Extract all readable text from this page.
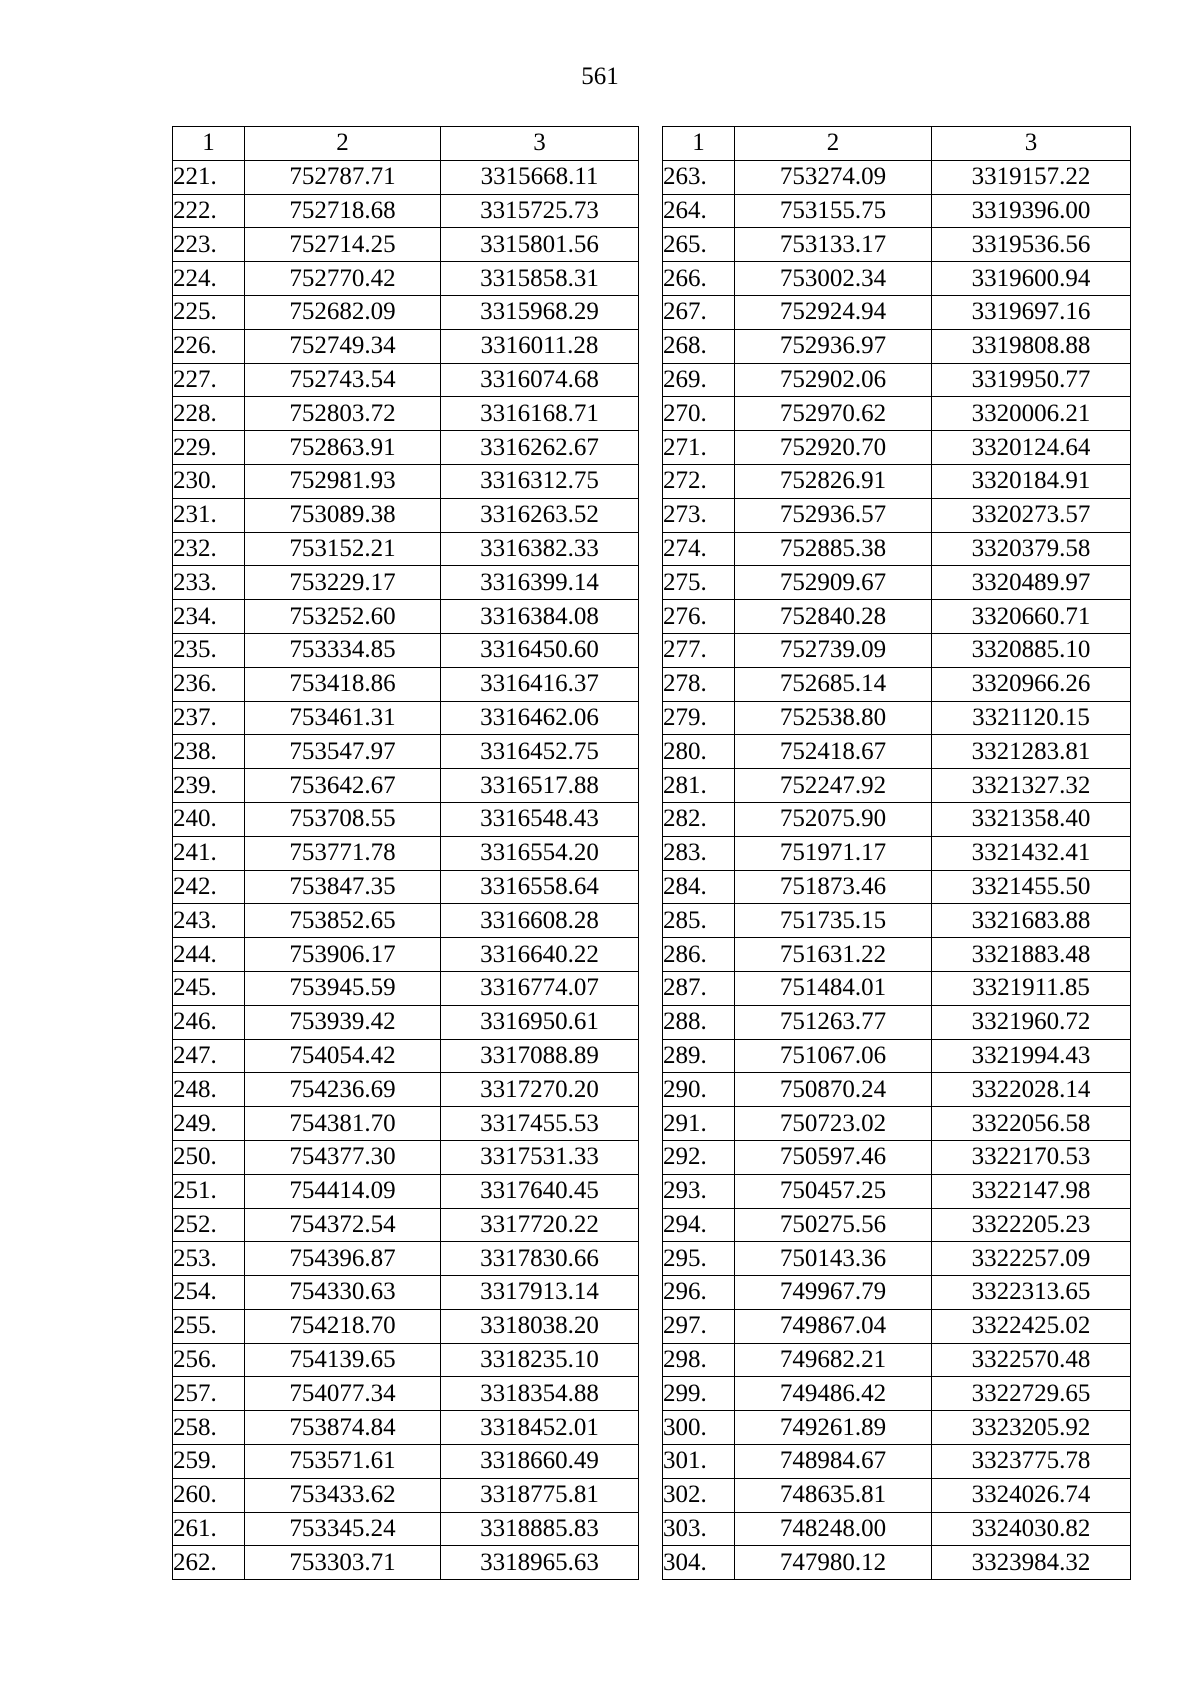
561
1	2	3
221.	752787.71	3315668.11
222.	752718.68	3315725.73
223.	752714.25	3315801.56
224.	752770.42	3315858.31
225.	752682.09	3315968.29
226.	752749.34	3316011.28
227.	752743.54	3316074.68
228.	752803.72	3316168.71
229.	752863.91	3316262.67
230.	752981.93	3316312.75
231.	753089.38	3316263.52
232.	753152.21	3316382.33
233.	753229.17	3316399.14
234.	753252.60	3316384.08
235.	753334.85	3316450.60
236.	753418.86	3316416.37
237.	753461.31	3316462.06
238.	753547.97	3316452.75
239.	753642.67	3316517.88
240.	753708.55	3316548.43
241.	753771.78	3316554.20
242.	753847.35	3316558.64
243.	753852.65	3316608.28
244.	753906.17	3316640.22
245.	753945.59	3316774.07
246.	753939.42	3316950.61
247.	754054.42	3317088.89
248.	754236.69	3317270.20
249.	754381.70	3317455.53
250.	754377.30	3317531.33
251.	754414.09	3317640.45
252.	754372.54	3317720.22
253.	754396.87	3317830.66
254.	754330.63	3317913.14
255.	754218.70	3318038.20
256.	754139.65	3318235.10
257.	754077.34	3318354.88
258.	753874.84	3318452.01
259.	753571.61	3318660.49
260.	753433.62	3318775.81
261.	753345.24	3318885.83
262.	753303.71	3318965.63
1	2	3
263.	753274.09	3319157.22
264.	753155.75	3319396.00
265.	753133.17	3319536.56
266.	753002.34	3319600.94
267.	752924.94	3319697.16
268.	752936.97	3319808.88
269.	752902.06	3319950.77
270.	752970.62	3320006.21
271.	752920.70	3320124.64
272.	752826.91	3320184.91
273.	752936.57	3320273.57
274.	752885.38	3320379.58
275.	752909.67	3320489.97
276.	752840.28	3320660.71
277.	752739.09	3320885.10
278.	752685.14	3320966.26
279.	752538.80	3321120.15
280.	752418.67	3321283.81
281.	752247.92	3321327.32
282.	752075.90	3321358.40
283.	751971.17	3321432.41
284.	751873.46	3321455.50
285.	751735.15	3321683.88
286.	751631.22	3321883.48
287.	751484.01	3321911.85
288.	751263.77	3321960.72
289.	751067.06	3321994.43
290.	750870.24	3322028.14
291.	750723.02	3322056.58
292.	750597.46	3322170.53
293.	750457.25	3322147.98
294.	750275.56	3322205.23
295.	750143.36	3322257.09
296.	749967.79	3322313.65
297.	749867.04	3322425.02
298.	749682.21	3322570.48
299.	749486.42	3322729.65
300.	749261.89	3323205.92
301.	748984.67	3323775.78
302.	748635.81	3324026.74
303.	748248.00	3324030.82
304.	747980.12	3323984.32
